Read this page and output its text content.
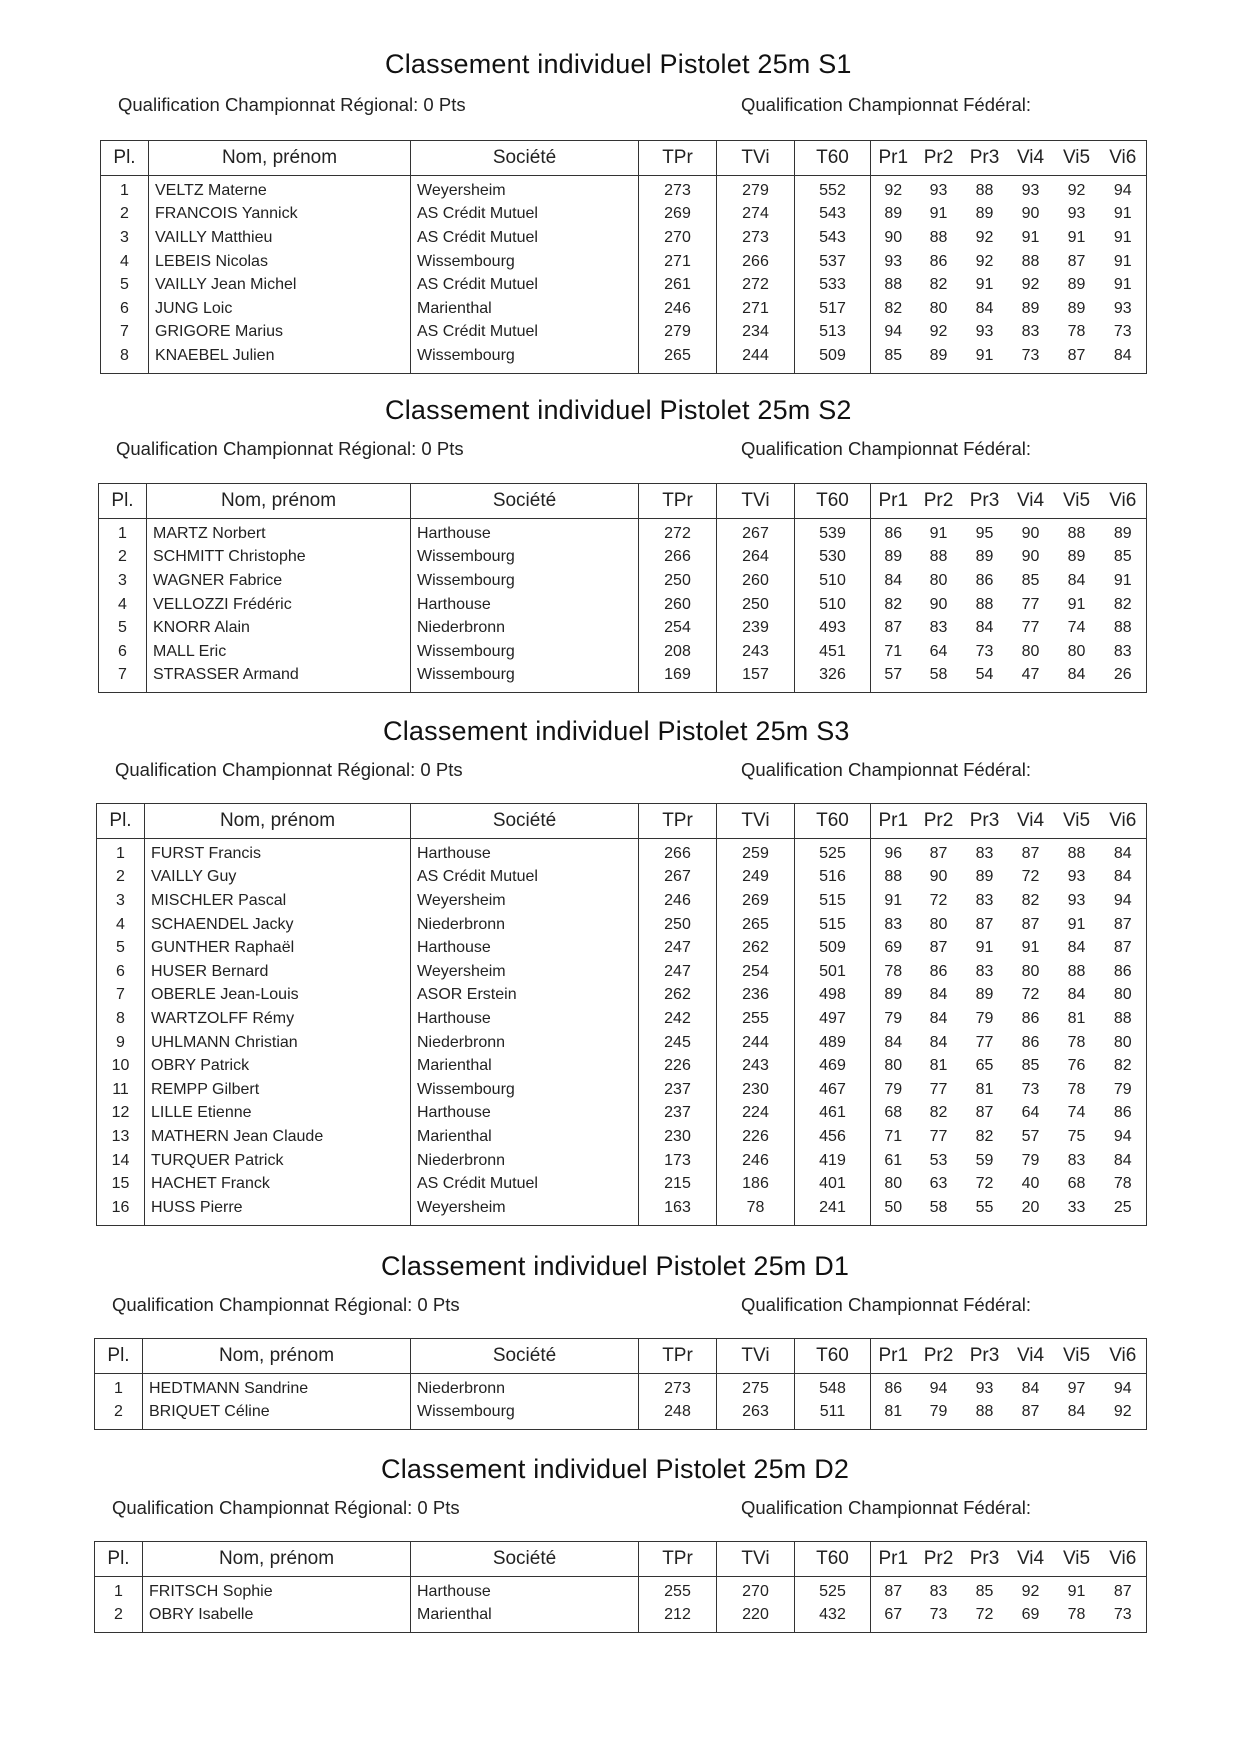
Classement individuel Pistolet 25m S1
Qualification Championnat Régional: 0 Pts	Qualification Championnat Fédéral:
Pl.	Nom, prénom	Société	TPr	TVi	T60	Pr1	Pr2	Pr3	Vi4	Vi5	Vi6
1	VELTZ Materne	Weyersheim	273	279	552	92	93	88	93	92	94
2	FRANCOIS Yannick	AS Crédit Mutuel	269	274	543	89	91	89	90	93	91
3	VAILLY Matthieu	AS Crédit Mutuel	270	273	543	90	88	92	91	91	91
4	LEBEIS Nicolas	Wissembourg	271	266	537	93	86	92	88	87	91
5	VAILLY Jean Michel	AS Crédit Mutuel	261	272	533	88	82	91	92	89	91
6	JUNG Loic	Marienthal	246	271	517	82	80	84	89	89	93
7	GRIGORE Marius	AS Crédit Mutuel	279	234	513	94	92	93	83	78	73
8	KNAEBEL Julien	Wissembourg	265	244	509	85	89	91	73	87	84
Classement individuel Pistolet 25m S2
Qualification Championnat Régional: 0 Pts	Qualification Championnat Fédéral:
Pl.	Nom, prénom	Société	TPr	TVi	T60	Pr1	Pr2	Pr3	Vi4	Vi5	Vi6
1	MARTZ Norbert	Harthouse	272	267	539	86	91	95	90	88	89
2	SCHMITT Christophe	Wissembourg	266	264	530	89	88	89	90	89	85
3	WAGNER Fabrice	Wissembourg	250	260	510	84	80	86	85	84	91
4	VELLOZZI Frédéric	Harthouse	260	250	510	82	90	88	77	91	82
5	KNORR Alain	Niederbronn	254	239	493	87	83	84	77	74	88
6	MALL Eric	Wissembourg	208	243	451	71	64	73	80	80	83
7	STRASSER Armand	Wissembourg	169	157	326	57	58	54	47	84	26
Classement individuel Pistolet 25m S3
Qualification Championnat Régional: 0 Pts	Qualification Championnat Fédéral:
Pl.	Nom, prénom	Société	TPr	TVi	T60	Pr1	Pr2	Pr3	Vi4	Vi5	Vi6
1	FURST Francis	Harthouse	266	259	525	96	87	83	87	88	84
2	VAILLY Guy	AS Crédit Mutuel	267	249	516	88	90	89	72	93	84
3	MISCHLER Pascal	Weyersheim	246	269	515	91	72	83	82	93	94
4	SCHAENDEL Jacky	Niederbronn	250	265	515	83	80	87	87	91	87
5	GUNTHER Raphaël	Harthouse	247	262	509	69	87	91	91	84	87
6	HUSER Bernard	Weyersheim	247	254	501	78	86	83	80	88	86
7	OBERLE Jean-Louis	ASOR Erstein	262	236	498	89	84	89	72	84	80
8	WARTZOLFF Rémy	Harthouse	242	255	497	79	84	79	86	81	88
9	UHLMANN Christian	Niederbronn	245	244	489	84	84	77	86	78	80
10	OBRY Patrick	Marienthal	226	243	469	80	81	65	85	76	82
11	REMPP Gilbert	Wissembourg	237	230	467	79	77	81	73	78	79
12	LILLE Etienne	Harthouse	237	224	461	68	82	87	64	74	86
13	MATHERN Jean Claude	Marienthal	230	226	456	71	77	82	57	75	94
14	TURQUER Patrick	Niederbronn	173	246	419	61	53	59	79	83	84
15	HACHET Franck	AS Crédit Mutuel	215	186	401	80	63	72	40	68	78
16	HUSS Pierre	Weyersheim	163	78	241	50	58	55	20	33	25
Classement individuel Pistolet 25m D1
Qualification Championnat Régional: 0 Pts	Qualification Championnat Fédéral:
Pl.	Nom, prénom	Société	TPr	TVi	T60	Pr1	Pr2	Pr3	Vi4	Vi5	Vi6
1	HEDTMANN Sandrine	Niederbronn	273	275	548	86	94	93	84	97	94
2	BRIQUET Céline	Wissembourg	248	263	511	81	79	88	87	84	92
Classement individuel Pistolet 25m D2
Qualification Championnat Régional: 0 Pts	Qualification Championnat Fédéral:
Pl.	Nom, prénom	Société	TPr	TVi	T60	Pr1	Pr2	Pr3	Vi4	Vi5	Vi6
1	FRITSCH Sophie	Harthouse	255	270	525	87	83	85	92	91	87
2	OBRY Isabelle	Marienthal	212	220	432	67	73	72	69	78	73
